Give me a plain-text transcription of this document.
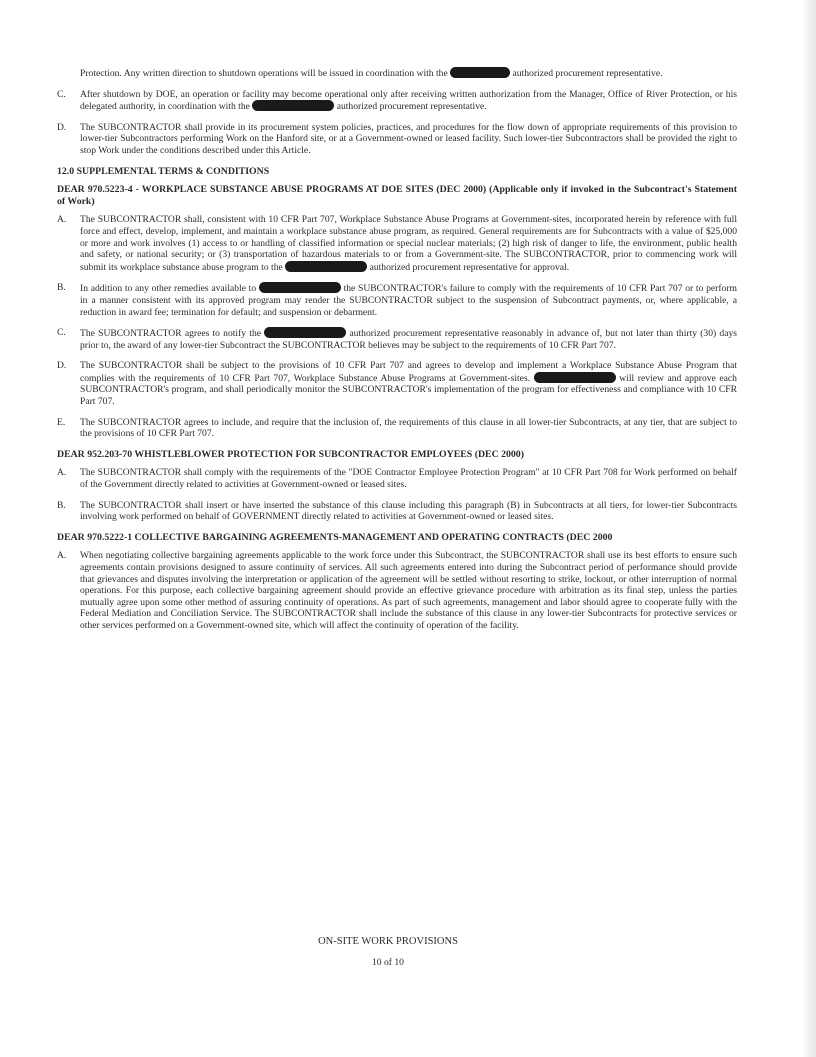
Protection. Any written direction to shutdown operations will be issued in coordination with the	authorized procurement representative.
C. After shutdown by DOE, an operation or facility may become operational only after receiving written authorization from the Manager, Office of River Protection, or his delegated authority, in coordination with the	authorized procurement representative.
D. The SUBCONTRACTOR shall provide in its procurement system policies, practices, and procedures for the flow down of appropriate requirements of this provision to lower-tier Subcontractors performing Work on the Hanford site, or at a Government-owned or leased facility. Such lower-tier Subcontractors shall be provided the right to stop Work under the conditions described under this Article.
12.0 SUPPLEMENTAL TERMS & CONDITIONS
DEAR 970.5223-4 - WORKPLACE SUBSTANCE ABUSE PROGRAMS AT DOE SITES (DEC 2000) (Applicable only if invoked in the Subcontract's Statement of Work)
A. The SUBCONTRACTOR shall, consistent with 10 CFR Part 707, Workplace Substance Abuse Programs at Government-sites, incorporated herein by reference with full force and effect, develop, implement, and maintain a workplace substance abuse program, as required. General requirements are for Subcontracts with a value of $25,000 or more and work involves (1) access to or handling of classified information or special nuclear materials; (2) high risk of danger to life, the environment, public health and safety, or national security; or (3) transportation of hazardous materials to or from a Government-site. The SUBCONTRACTOR, prior to commencing work will submit its workplace substance abuse program to the	authorized procurement representative for approval.
B. In addition to any other remedies available to	the SUBCONTRACTOR's failure to comply with the requirements of 10 CFR Part 707 or to perform in a manner consistent with its approved program may render the SUBCONTRACTOR subject to the suspension of Subcontract payments, or, where applicable, a reduction in award fee; termination for default; and suspension or debarment.
C. The SUBCONTRACTOR agrees to notify the	authorized procurement representative reasonably in advance of, but not later than thirty (30) days prior to, the award of any lower-tier Subcontract the SUBCONTRACTOR believes may be subject to the requirements of 10 CFR Part 707.
D. The SUBCONTRACTOR shall be subject to the provisions of 10 CFR Part 707 and agrees to develop and implement a Workplace Substance Abuse Program that complies with the requirements of 10 CFR Part 707, Workplace Substance Abuse Programs at Government-sites.	will review and approve each SUBCONTRACTOR's program, and shall periodically monitor the SUBCONTRACTOR's implementation of the program for effectiveness and compliance with 10 CFR Part 707.
E. The SUBCONTRACTOR agrees to include, and require that the inclusion of, the requirements of this clause in all lower-tier Subcontracts, at any tier, that are subject to the provisions of 10 CFR Part 707.
DEAR 952.203-70 WHISTLEBLOWER PROTECTION FOR SUBCONTRACTOR EMPLOYEES (DEC 2000)
A. The SUBCONTRACTOR shall comply with the requirements of the "DOE Contractor Employee Protection Program" at 10 CFR Part 708 for Work performed on behalf of the Government directly related to activities at Government-owned or leased sites.
B. The SUBCONTRACTOR shall insert or have inserted the substance of this clause including this paragraph (B) in Subcontracts at all tiers, for lower-tier Subcontracts involving work performed on behalf of GOVERNMENT directly related to activities at Government-owned or leased sites.
DEAR 970.5222-1 COLLECTIVE BARGAINING AGREEMENTS-MANAGEMENT AND OPERATING CONTRACTS (DEC 2000
A. When negotiating collective bargaining agreements applicable to the work force under this Subcontract, the SUBCONTRACTOR shall use its best efforts to ensure such agreements contain provisions designed to assure continuity of services. All such agreements entered into during the Subcontract period of performance should provide that grievances and disputes involving the interpretation or application of the agreement will be settled without resorting to strike, lockout, or other interruption of normal operations. For this purpose, each collective bargaining agreement should provide an effective grievance procedure with arbitration as its final step, unless the parties mutually agree upon some other method of assuring continuity of operations. As part of such agreements, management and labor should agree to cooperate fully with the Federal Mediation and Conciliation Service. The SUBCONTRACTOR shall include the substance of this clause in any lower-tier Subcontracts for protective services or other services performed on a Government-owned site, which will affect the continuity of operation of the facility.
ON-SITE WORK PROVISIONS
10 of 10
